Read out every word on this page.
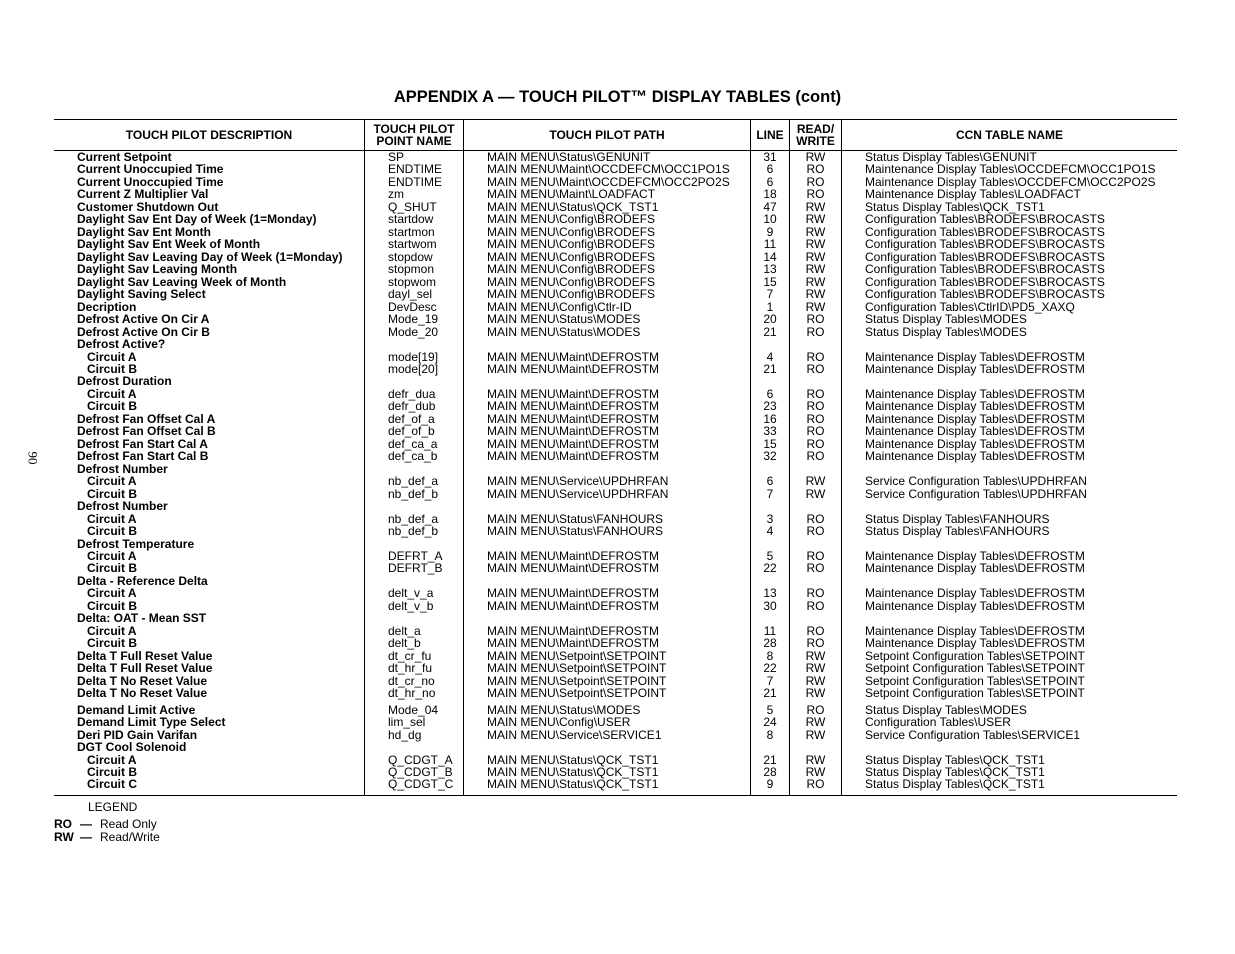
APPENDIX A — TOUCH PILOT™ DISPLAY TABLES (cont)
90
TOUCH PILOT DESCRIPTION	TOUCH PILOT POINT NAME	TOUCH PILOT PATH	LINE	READ/ WRITE	CCN TABLE NAME
Current Setpoint	SP	MAIN MENU\Status\GENUNIT	31	RW	Status Display Tables\GENUNIT
Current Unoccupied Time	ENDTIME	MAIN MENU\Maint\OCCDEFCM\OCC1PO1S	6	RO	Maintenance Display Tables\OCCDEFCM\OCC1PO1S
Current Unoccupied Time	ENDTIME	MAIN MENU\Maint\OCCDEFCM\OCC2PO2S	6	RO	Maintenance Display Tables\OCCDEFCM\OCC2PO2S
Current Z Multiplier Val	zm	MAIN MENU\Maint\LOADFACT	18	RO	Maintenance Display Tables\LOADFACT
Customer Shutdown Out	Q_SHUT	MAIN MENU\Status\QCK_TST1	47	RW	Status Display Tables\QCK_TST1
Daylight Sav Ent Day of Week (1=Monday)	startdow	MAIN MENU\Config\BRODEFS	10	RW	Configuration Tables\BRODEFS\BROCASTS
Daylight Sav Ent Month	startmon	MAIN MENU\Config\BRODEFS	9	RW	Configuration Tables\BRODEFS\BROCASTS
Daylight Sav Ent Week of Month	startwom	MAIN MENU\Config\BRODEFS	11	RW	Configuration Tables\BRODEFS\BROCASTS
Daylight Sav Leaving Day of Week (1=Monday)	stopdow	MAIN MENU\Config\BRODEFS	14	RW	Configuration Tables\BRODEFS\BROCASTS
Daylight Sav Leaving Month	stopmon	MAIN MENU\Config\BRODEFS	13	RW	Configuration Tables\BRODEFS\BROCASTS
Daylight Sav Leaving Week of Month	stopwom	MAIN MENU\Config\BRODEFS	15	RW	Configuration Tables\BRODEFS\BROCASTS
Daylight Saving Select	dayl_sel	MAIN MENU\Config\BRODEFS	7	RW	Configuration Tables\BRODEFS\BROCASTS
Decription	DevDesc	MAIN MENU\Config\Ctlr-ID	1	RW	Configuration Tables\CtlrID\PD5_XAXQ
Defrost Active On Cir A	Mode_19	MAIN MENU\Status\MODES	20	RO	Status Display Tables\MODES
Defrost Active On Cir B	Mode_20	MAIN MENU\Status\MODES	21	RO	Status Display Tables\MODES
Defrost Active?
Circuit A	mode[19]	MAIN MENU\Maint\DEFROSTM	4	RO	Maintenance Display Tables\DEFROSTM
Circuit B	mode[20]	MAIN MENU\Maint\DEFROSTM	21	RO	Maintenance Display Tables\DEFROSTM
Defrost Duration
Circuit A	defr_dua	MAIN MENU\Maint\DEFROSTM	6	RO	Maintenance Display Tables\DEFROSTM
Circuit B	defr_dub	MAIN MENU\Maint\DEFROSTM	23	RO	Maintenance Display Tables\DEFROSTM
Defrost Fan Offset Cal A	def_of_a	MAIN MENU\Maint\DEFROSTM	16	RO	Maintenance Display Tables\DEFROSTM
Defrost Fan Offset Cal B	def_of_b	MAIN MENU\Maint\DEFROSTM	33	RO	Maintenance Display Tables\DEFROSTM
Defrost Fan Start Cal A	def_ca_a	MAIN MENU\Maint\DEFROSTM	15	RO	Maintenance Display Tables\DEFROSTM
Defrost Fan Start Cal B	def_ca_b	MAIN MENU\Maint\DEFROSTM	32	RO	Maintenance Display Tables\DEFROSTM
Defrost Number
Circuit A	nb_def_a	MAIN MENU\Service\UPDHRFAN	6	RW	Service Configuration Tables\UPDHRFAN
Circuit B	nb_def_b	MAIN MENU\Service\UPDHRFAN	7	RW	Service Configuration Tables\UPDHRFAN
Defrost Number
Circuit A	nb_def_a	MAIN MENU\Status\FANHOURS	3	RO	Status Display Tables\FANHOURS
Circuit B	nb_def_b	MAIN MENU\Status\FANHOURS	4	RO	Status Display Tables\FANHOURS
Defrost Temperature
Circuit A	DEFRT_A	MAIN MENU\Maint\DEFROSTM	5	RO	Maintenance Display Tables\DEFROSTM
Circuit B	DEFRT_B	MAIN MENU\Maint\DEFROSTM	22	RO	Maintenance Display Tables\DEFROSTM
Delta - Reference Delta
Circuit A	delt_v_a	MAIN MENU\Maint\DEFROSTM	13	RO	Maintenance Display Tables\DEFROSTM
Circuit B	delt_v_b	MAIN MENU\Maint\DEFROSTM	30	RO	Maintenance Display Tables\DEFROSTM
Delta: OAT - Mean SST
Circuit A	delt_a	MAIN MENU\Maint\DEFROSTM	11	RO	Maintenance Display Tables\DEFROSTM
Circuit B	delt_b	MAIN MENU\Maint\DEFROSTM	28	RO	Maintenance Display Tables\DEFROSTM
Delta T Full Reset Value	dt_cr_fu	MAIN MENU\Setpoint\SETPOINT	8	RW	Setpoint Configuration Tables\SETPOINT
Delta T Full Reset Value	dt_hr_fu	MAIN MENU\Setpoint\SETPOINT	22	RW	Setpoint Configuration Tables\SETPOINT
Delta T No Reset Value	dt_cr_no	MAIN MENU\Setpoint\SETPOINT	7	RW	Setpoint Configuration Tables\SETPOINT
Delta T No Reset Value	dt_hr_no	MAIN MENU\Setpoint\SETPOINT	21	RW	Setpoint Configuration Tables\SETPOINT
Demand Limit Active	Mode_04	MAIN MENU\Status\MODES	5	RO	Status Display Tables\MODES
Demand Limit Type Select	lim_sel	MAIN MENU\Config\USER	24	RW	Configuration Tables\USER
Deri PID Gain Varifan	hd_dg	MAIN MENU\Service\SERVICE1	8	RW	Service Configuration Tables\SERVICE1
DGT Cool Solenoid
Circuit A	Q_CDGT_A	MAIN MENU\Status\QCK_TST1	21	RW	Status Display Tables\QCK_TST1
Circuit B	Q_CDGT_B	MAIN MENU\Status\QCK_TST1	28	RW	Status Display Tables\QCK_TST1
Circuit C	Q_CDGT_C	MAIN MENU\Status\QCK_TST1	9	RO	Status Display Tables\QCK_TST1
LEGEND
RO — Read Only
RW — Read/Write
